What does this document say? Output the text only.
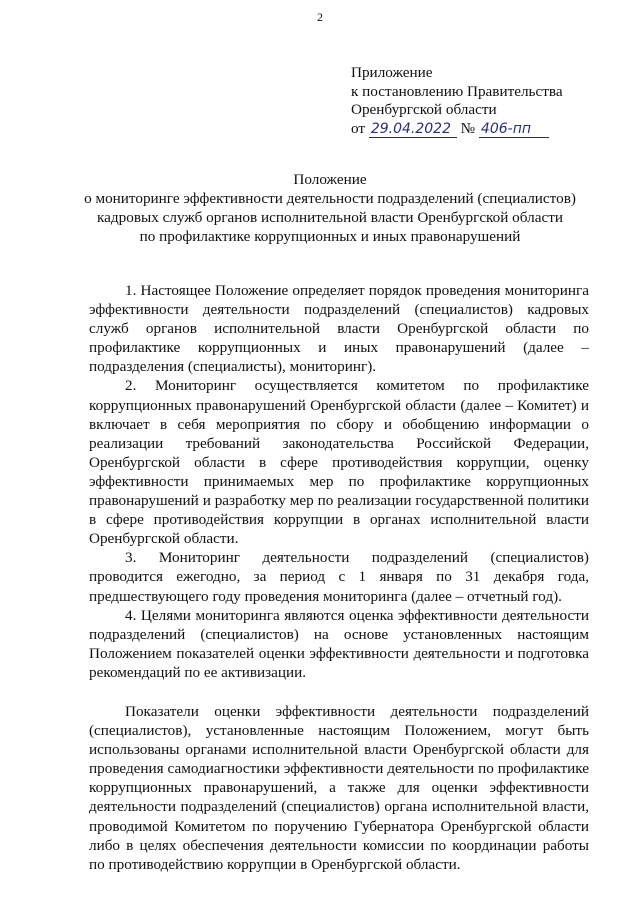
2
Приложение
к постановлению Правительства
Оренбургской области
от 29.04.2022 № 406-пп
Положение
о мониторинге эффективности деятельности подразделений (специалистов)
кадровых служб органов исполнительной власти Оренбургской области
по профилактике коррупционных и иных правонарушений

1. Настоящее Положение определяет порядок проведения мониторинга эффективности деятельности подразделений (специалистов) кадровых служб органов исполнительной власти Оренбургской области по профилактике коррупционных и иных правонарушений (далее – подразделения (специалисты), мониторинг).

2. Мониторинг осуществляется комитетом по профилактике коррупционных правонарушений Оренбургской области (далее – Комитет) и включает в себя мероприятия по сбору и обобщению информации о реализации требований законодательства Российской Федерации, Оренбургской области в сфере противодействия коррупции, оценку эффективности принимаемых мер по профилактике коррупционных правонарушений и разработку мер по реализации государственной политики в сфере противодействия коррупции в органах исполнительной власти Оренбургской области.

3. Мониторинг деятельности подразделений (специалистов) проводится ежегодно, за период с 1 января по 31 декабря года, предшествующего году проведения мониторинга (далее – отчетный год).

4. Целями мониторинга являются оценка эффективности деятельности подразделений (специалистов) на основе установленных настоящим Положением показателей оценки эффективности деятельности и подготовка рекомендаций по ее активизации.

Показатели оценки эффективности деятельности подразделений (специалистов), установленные настоящим Положением, могут быть использованы органами исполнительной власти Оренбургской области для проведения самодиагностики эффективности деятельности по профилактике коррупционных правонарушений, а также для оценки эффективности деятельности подразделений (специалистов) органа исполнительной власти, проводимой Комитетом по поручению Губернатора Оренбургской области либо в целях обеспечения деятельности комиссии по координации работы по противодействию коррупции в Оренбургской области.
